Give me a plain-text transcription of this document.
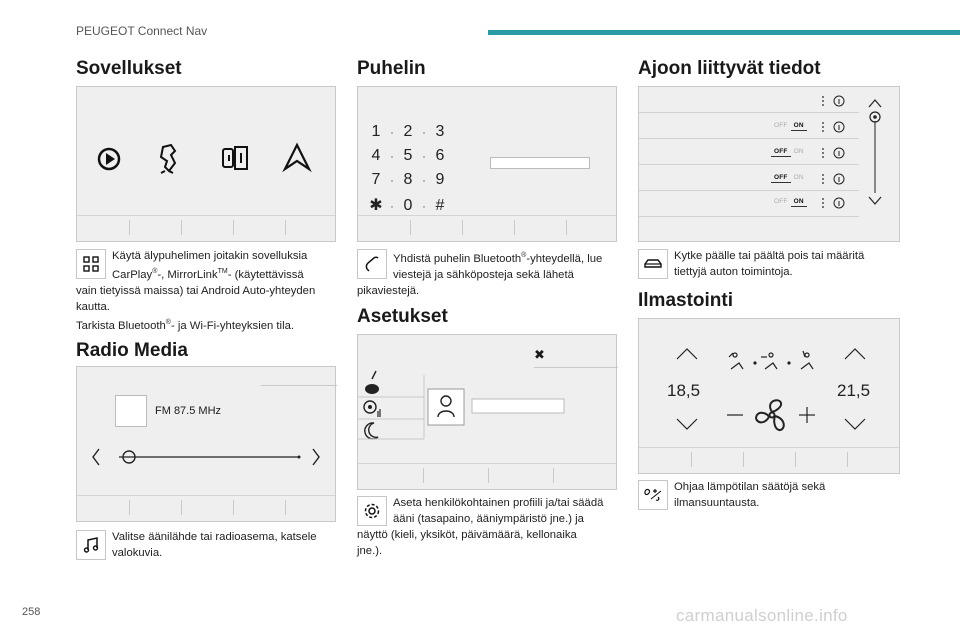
PEUGEOT Connect Nav
Sovellukset
Käytä älypuhelimen joitakin sovelluksia
CarPlay®-, MirrorLink™- (käytettävissä
vain tietyissä maissa) tai Android Auto-yhteyden
kautta.
Tarkista Bluetooth®- ja Wi-Fi-yhteyksien tila.
Radio Media
FM 87.5 MHz
Valitse äänilähde tai radioasema, katsele
valokuvia.
Puhelin
1 · 2 · 3
4 · 5 · 6
7 · 8 · 9
✱ · 0 · #
Yhdistä puhelin Bluetooth®-yhteydellä, lue
viestejä ja sähköposteja sekä lähetä
pikaviestejä.
Asetukset
✖
Aseta henkilökohtainen profiili ja/tai säädä
ääni (tasapaino, ääniympäristö jne.) ja
näyttö (kieli, yksiköt, päivämäärä, kellonaika
jne.).
Ajoon liittyvät tiedot
OFF ON
OFF ON
OFF ON
OFF ON
Kytke päälle tai päältä pois tai määritä
tiettyjä auton toimintoja.
Ilmastointi
18,5	21,5
Ohjaa lämpötilan säätöjä sekä
ilmansuuntausta.
258	carmanualsonline.info
